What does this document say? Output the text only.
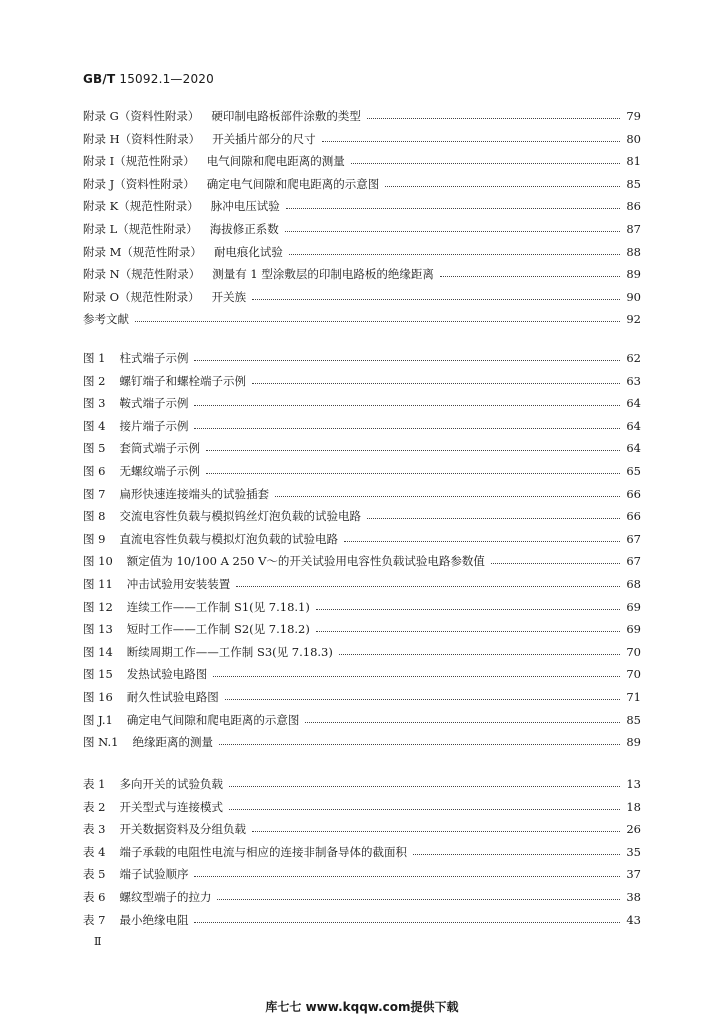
GB/T 15092.1—2020
附录 G（资料性附录） 硬印制电路板部件涂敷的类型	79
附录 H（资料性附录） 开关插片部分的尺寸	80
附录 I（规范性附录） 电气间隙和爬电距离的测量	81
附录 J（资料性附录） 确定电气间隙和爬电距离的示意图	85
附录 K（规范性附录） 脉冲电压试验	86
附录 L（规范性附录） 海拔修正系数	87
附录 M（规范性附录） 耐电痕化试验	88
附录 N（规范性附录） 测量有 1 型涂敷层的印制电路板的绝缘距离	89
附录 O（规范性附录） 开关族	90
参考文献	92
图 1 柱式端子示例	62
图 2 螺钉端子和螺栓端子示例	63
图 3 鞍式端子示例	64
图 4 接片端子示例	64
图 5 套筒式端子示例	64
图 6 无螺纹端子示例	65
图 7 扁形快速连接端头的试验插套	66
图 8 交流电容性负载与模拟钨丝灯泡负载的试验电路	66
图 9 直流电容性负载与模拟灯泡负载的试验电路	67
图 10 额定值为 10/100 A 250 V～的开关试验用电容性负载试验电路参数值	67
图 11 冲击试验用安装装置	68
图 12 连续工作——工作制 S1(见 7.18.1)	69
图 13 短时工作——工作制 S2(见 7.18.2)	69
图 14 断续周期工作——工作制 S3(见 7.18.3)	70
图 15 发热试验电路图	70
图 16 耐久性试验电路图	71
图 J.1 确定电气间隙和爬电距离的示意图	85
图 N.1 绝缘距离的测量	89
表 1 多向开关的试验负载	13
表 2 开关型式与连接模式	18
表 3 开关数据资料及分组负载	26
表 4 端子承载的电阻性电流与相应的连接非制备导体的截面积	35
表 5 端子试验顺序	37
表 6 螺纹型端子的拉力	38
表 7 最小绝缘电阻	43
Ⅱ
库七七 www.kqqw.com提供下载
